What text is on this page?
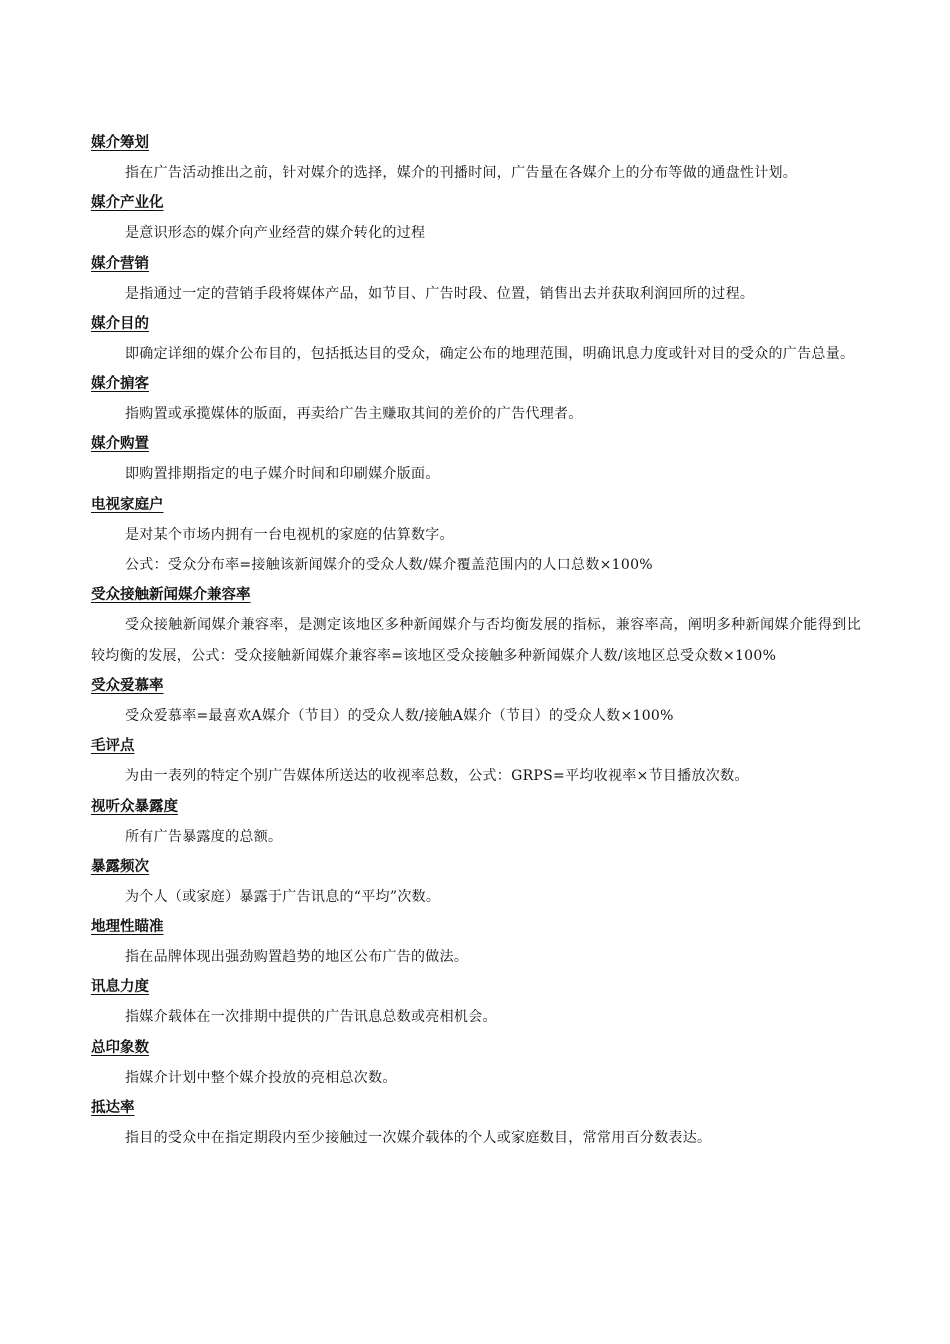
媒介筹划

指在广告活动推出之前，针对媒介的选择，媒介的刊播时间，广告量在各媒介上的分布等做的通盘性计划。

媒介产业化

是意识形态的媒介向产业经营的媒介转化的过程

媒介营销

是指通过一定的营销手段将媒体产品，如节目、广告时段、位置，销售出去并获取利润回所的过程。

媒介目的

即确定详细的媒介公布目的，包括抵达目的受众，确定公布的地理范围，明确讯息力度或针对目的受众的广告总量。

媒介掮客

指购置或承揽媒体的版面，再卖给广告主赚取其间的差价的广告代理者。

媒介购置

即购置排期指定的电子媒介时间和印刷媒介版面。

电视家庭户

是对某个市场内拥有一台电视机的家庭的估算数字。

公式：受众分布率=接触该新闻媒介的受众人数/媒介覆盖范围内的人口总数×100%

受众接触新闻媒介兼容率

受众接触新闻媒介兼容率，是测定该地区多种新闻媒介与否均衡发展的指标，兼容率高，阐明多种新闻媒介能得到比较均衡的发展，公式：受众接触新闻媒介兼容率=该地区受众接触多种新闻媒介人数/该地区总受众数×100%

受众爱慕率

受众爱慕率=最喜欢A媒介（节目）的受众人数/接触A媒介（节目）的受众人数×100%

毛评点

为由一表列的特定个别广告媒体所送达的收视率总数，公式：GRPS=平均收视率×节目播放次数。

视听众暴露度

所有广告暴露度的总额。

暴露频次

为个人（或家庭）暴露于广告讯息的“平均”次数。

地理性瞄准

指在品牌体现出强劲购置趋势的地区公布广告的做法。

讯息力度

指媒介载体在一次排期中提供的广告讯息总数或亮相机会。

总印象数

指媒介计划中整个媒介投放的亮相总次数。

抵达率

指目的受众中在指定期段内至少接触过一次媒介载体的个人或家庭数目，常常用百分数表达。
